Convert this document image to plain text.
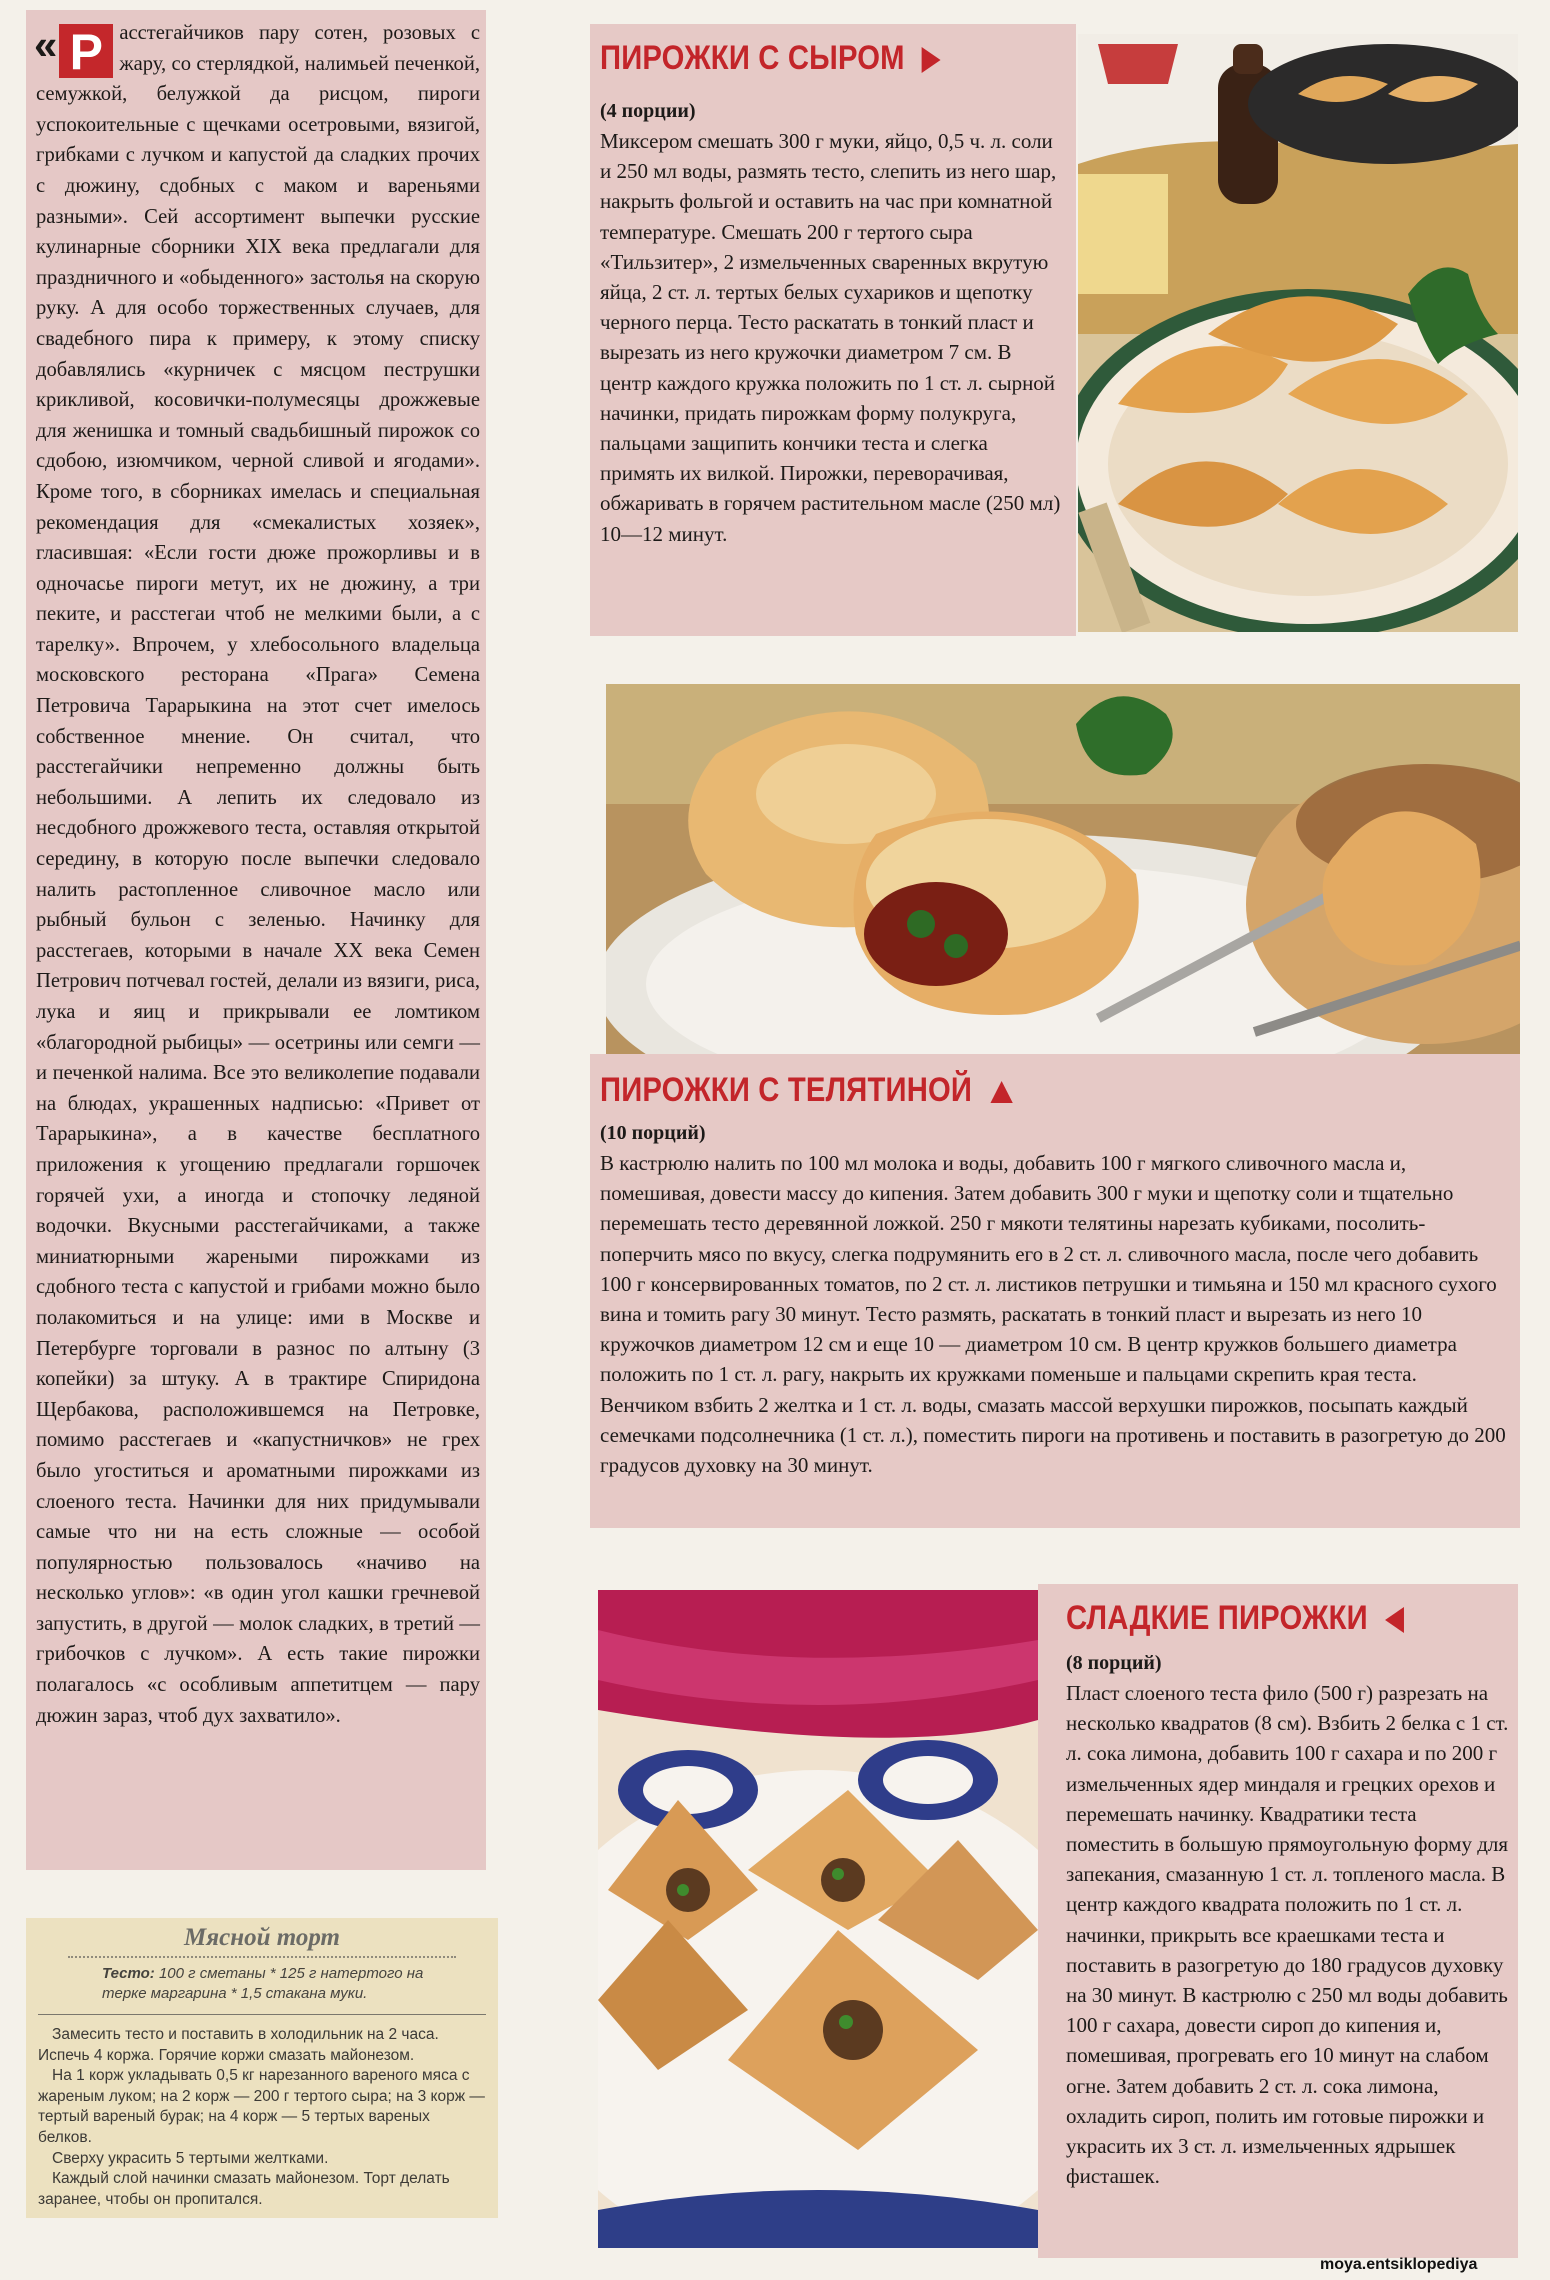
« Р асстегайчиков пару сотен, розовых с жару, со стерлядкой, налимьей печенкой, семужкой, белужкой да рисцом, пироги успокоительные с щечками осетровыми, вязигой, грибками с лучком и капустой да сладких прочих с дюжину, сдобных с маком и вареньями разными». Сей ассортимент выпечки русские кулинарные сборники XIX века предлагали для праздничного и «обыденного» застолья на скорую руку. А для особо торжественных случаев, для свадебного пира к примеру, к этому списку добавлялись «курничек с мясцом пеструшки крикливой, косовички-полумесяцы дрожжевые для женишка и томный свадьбишный пирожок со сдобою, изюмчиком, черной сливой и ягодами». Кроме того, в сборниках имелась и специальная рекомендация для «смекалистых хозяек», гласившая: «Если гости дюже прожорливы и в одночасье пироги метут, их не дюжину, а три пеките, и расстегаи чтоб не мелкими были, а с тарелку». Впрочем, у хлебосольного владельца московского ресторана «Прага» Семена Петровича Тарарыкина на этот счет имелось собственное мнение. Он считал, что расстегайчики непременно должны быть небольшими. А лепить их следовало из несдобного дрожжевого теста, оставляя открытой середину, в которую после выпечки следовало налить растопленное сливочное масло или рыбный бульон с зеленью. Начинку для расстегаев, которыми в начале XX века Семен Петрович потчевал гостей, делали из вязиги, риса, лука и яиц и прикрывали ее ломтиком «благородной рыбицы» — осетрины или семги — и печенкой налима. Все это великолепие подавали на блюдах, украшенных надписью: «Привет от Тарарыкина», а в качестве бесплатного приложения к угощению предлагали горшочек горячей ухи, а иногда и стопочку ледяной водочки. Вкусными расстегайчиками, а также миниатюрными жареными пирожками из сдобного теста с капустой и грибами можно было полакомиться и на улице: ими в Москве и Петербурге торговали в разнос по алтыну (3 копейки) за штуку. А в трактире Спиридона Щербакова, расположившемся на Петровке, помимо расстегаев и «капустничков» не грех было угоститься и ароматными пирожками из слоеного теста. Начинки для них придумывали самые что ни на есть сложные — особой популярностью пользовалось «начиво на несколько углов»: «в один угол кашки гречневой запустить, в другой — молок сладких, в третий — грибочков с лучком». А есть такие пирожки полагалось «с особливым аппетитцем — пару дюжин зараз, чтоб дух захватило».
Мясной торт
Тесто: 100 г сметаны * 125 г натертого на терке маргарина * 1,5 стакана муки.

Замесить тесто и поставить в холодильник на 2 часа. Испечь 4 коржа. Горячие коржи смазать майонезом.

На 1 корж укладывать 0,5 кг нарезанного вареного мяса с жареным луком; на 2 корж — 200 г тертого сыра; на 3 корж — тертый вареный бурак; на 4 корж — 5 тертых вареных белков.

Сверху украсить 5 тертыми желтками.

Каждый слой начинки смазать майонезом. Торт делать заранее, чтобы он пропитался.

ПИРОЖКИ С СЫРОМ
(4 порции)
Миксером смешать 300 г муки, яйцо, 0,5 ч. л. соли и 250 мл воды, размять тесто, слепить из него шар, накрыть фольгой и оставить на час при комнатной температуре. Смешать 200 г тертого сыра «Тильзитер», 2 измельченных сваренных вкрутую яйца, 2 ст. л. тертых белых сухариков и щепотку черного перца. Тесто раскатать в тонкий пласт и вырезать из него кружочки диаметром 7 см. В центр каждого кружка положить по 1 ст. л. сырной начинки, придать пирожкам форму полукруга, пальцами защипить кончики теста и слегка примять их вилкой. Пирожки, переворачивая, обжаривать в горячем растительном масле (250 мл) 10—12 минут.
ПИРОЖКИ С ТЕЛЯТИНОЙ
(10 порций)
В кастрюлю налить по 100 мл молока и воды, добавить 100 г мягкого сливочного масла и, помешивая, довести массу до кипения. Затем добавить 300 г муки и щепотку соли и тщательно перемешать тесто деревянной ложкой. 250 г мякоти телятины нарезать кубиками, посолить-поперчить мясо по вкусу, слегка подрумянить его в 2 ст. л. сливочного масла, после чего добавить 100 г консервированных томатов, по 2 ст. л. листиков петрушки и тимьяна и 150 мл красного сухого вина и томить рагу 30 минут. Тесто размять, раскатать в тонкий пласт и вырезать из него 10 кружочков диаметром 12 см и еще 10 — диаметром 10 см. В центр кружков большего диаметра положить по 1 ст. л. рагу, накрыть их кружками поменьше и пальцами скрепить края теста. Венчиком взбить 2 желтка и 1 ст. л. воды, смазать массой верхушки пирожков, посыпать каждый семечками подсолнечника (1 ст. л.), поместить пироги на противень и поставить в разогретую до 200 градусов духовку на 30 минут.
СЛАДКИЕ ПИРОЖКИ
(8 порций)
Пласт слоеного теста фило (500 г) разрезать на несколько квадратов (8 см). Взбить 2 белка с 1 ст. л. сока лимона, добавить 100 г сахара и по 200 г измельченных ядер миндаля и грецких орехов и перемешать начинку. Квадратики теста поместить в большую прямоугольную форму для запекания, смазанную 1 ст. л. топленого масла. В центр каждого квадрата положить по 1 ст. л. начинки, прикрыть все краешками теста и поставить в разогретую до 180 градусов духовку на 30 минут. В кастрюлю с 250 мл воды добавить 100 г сахара, довести сироп до кипения и, помешивая, прогревать его 10 минут на слабом огне. Затем добавить 2 ст. л. сока лимона, охладить сироп, полить им готовые пирожки и украсить их 3 ст. л. измельченных ядрышек фисташек.
moya.entsiklopediya
